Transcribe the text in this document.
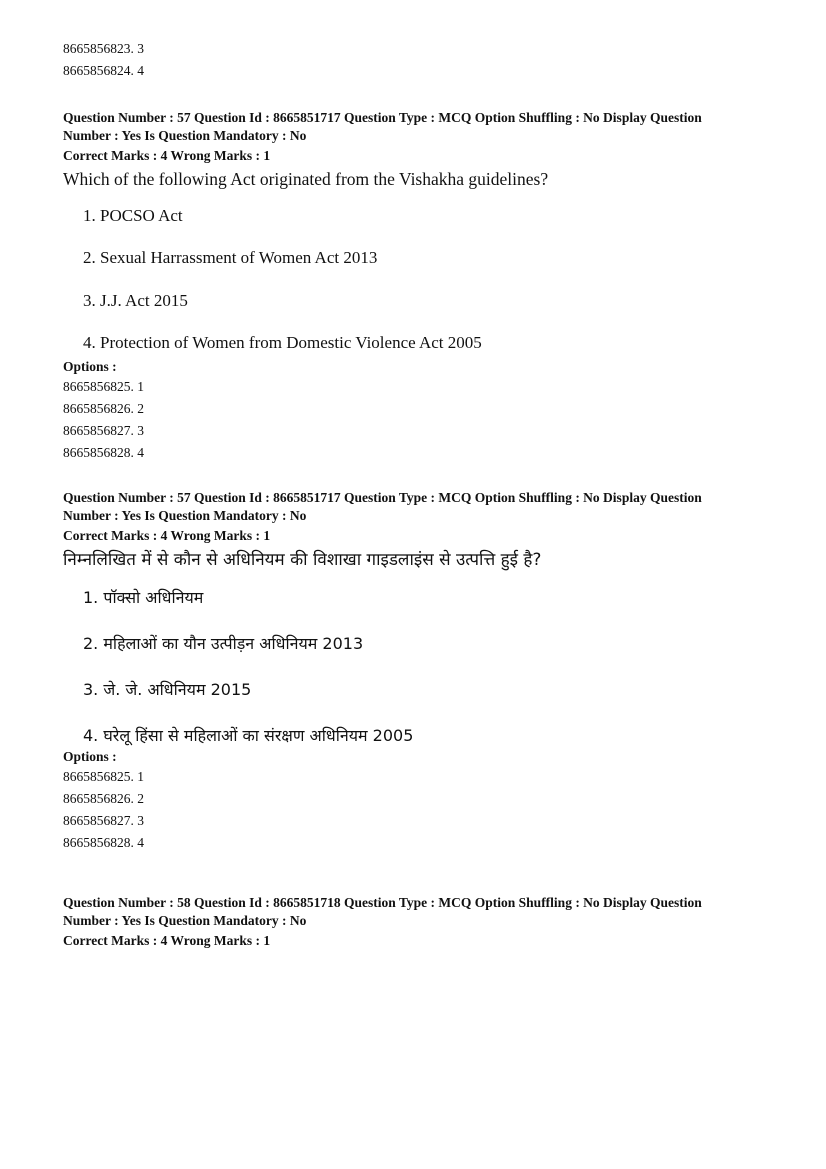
8665856823. 3

8665856824. 4

Question Number : 57 Question Id : 8665851717 Question Type : MCQ Option Shuffling : No Display Question

Number : Yes Is Question Mandatory : No

Correct Marks : 4 Wrong Marks : 1

Which of the following Act originated from the Vishakha guidelines?

1. POCSO Act

2. Sexual Harrassment of Women Act 2013

3. J.J. Act 2015

4. Protection of Women from Domestic Violence Act 2005

Options :

8665856825. 1

8665856826. 2

8665856827. 3

8665856828. 4

Question Number : 57 Question Id : 8665851717 Question Type : MCQ Option Shuffling : No Display Question

Number : Yes Is Question Mandatory : No

Correct Marks : 4 Wrong Marks : 1

निम्नलिखित में से कौन से अधिनियम की विशाखा गाइडलाइंस से उत्पत्ति हुई है?

1. पॉक्सो अधिनियम

2. महिलाओं का यौन उत्पीड़न अधिनियम 2013

3. जे. जे. अधिनियम 2015

4. घरेलू हिंसा से महिलाओं का संरक्षण अधिनियम 2005

Options :

8665856825. 1

8665856826. 2

8665856827. 3

8665856828. 4

Question Number : 58 Question Id : 8665851718 Question Type : MCQ Option Shuffling : No Display Question

Number : Yes Is Question Mandatory : No

Correct Marks : 4 Wrong Marks : 1
